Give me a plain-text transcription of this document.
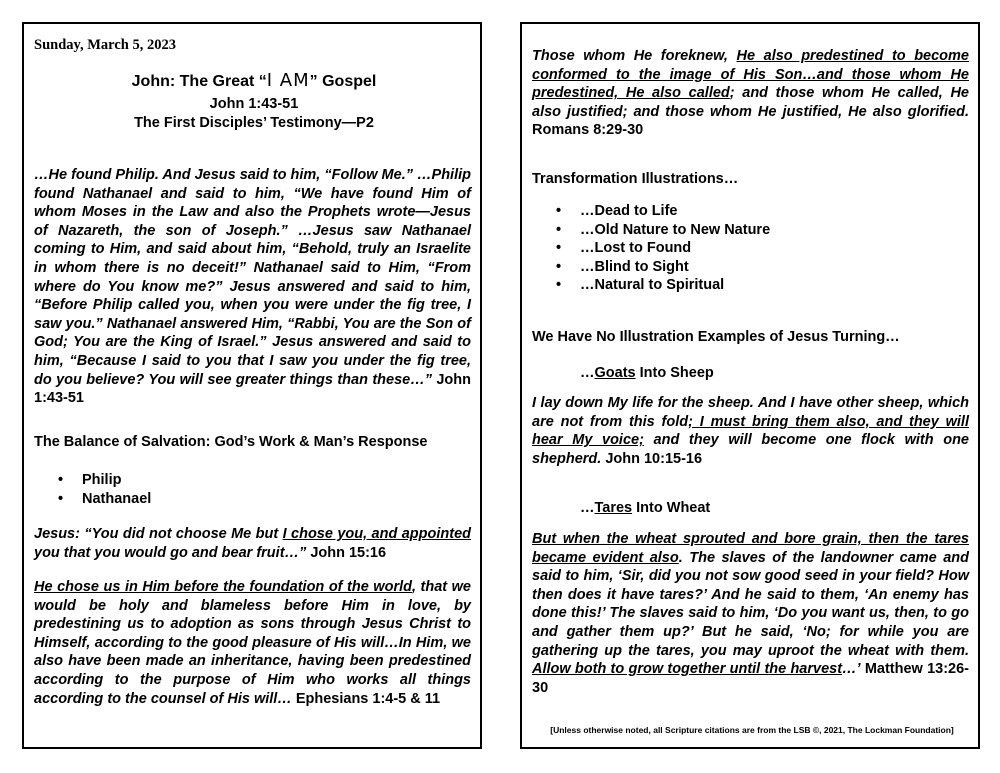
Sunday, March 5, 2023
John: The Great “I AM” Gospel
John 1:43-51
The First Disciples’ Testimony—P2
…He found Philip. And Jesus said to him, “Follow Me.” …Philip found Nathanael and said to him, “We have found Him of whom Moses in the Law and also the Prophets wrote—Jesus of Nazareth, the son of Joseph.” …Jesus saw Nathanael coming to Him, and said about him, “Behold, truly an Israelite in whom there is no deceit!” Nathanael said to Him, “From where do You know me?” Jesus answered and said to him, “Before Philip called you, when you were under the fig tree, I saw you.” Nathanael answered Him, “Rabbi, You are the Son of God; You are the King of Israel.” Jesus answered and said to him, “Because I said to you that I saw you under the fig tree, do you believe? You will see greater things than these…” John 1:43-51
The Balance of Salvation: God’s Work & Man’s Response
• Philip
• Nathanael
Jesus: “You did not choose Me but I chose you, and appointed you that you would go and bear fruit…” John 15:16
He chose us in Him before the foundation of the world, that we would be holy and blameless before Him in love, by predestining us to adoption as sons through Jesus Christ to Himself, according to the good pleasure of His will…In Him, we also have been made an inheritance, having been predestined according to the purpose of Him who works all things according to the counsel of His will… Ephesians 1:4-5 & 11
Those whom He foreknew, He also predestined to become conformed to the image of His Son…and those whom He predestined, He also called; and those whom He called, He also justified; and those whom He justified, He also glorified. Romans 8:29-30
Transformation Illustrations…
• …Dead to Life
• …Old Nature to New Nature
• …Lost to Found
• …Blind to Sight
• …Natural to Spiritual
We Have No Illustration Examples of Jesus Turning…
…Goats Into Sheep
I lay down My life for the sheep. And I have other sheep, which are not from this fold; I must bring them also, and they will hear My voice; and they will become one flock with one shepherd. John 10:15-16
…Tares Into Wheat
But when the wheat sprouted and bore grain, then the tares became evident also. The slaves of the landowner came and said to him, ‘Sir, did you not sow good seed in your field? How then does it have tares?’ And he said to them, ‘An enemy has done this!’ The slaves said to him, ‘Do you want us, then, to go and gather them up?’ But he said, ‘No; for while you are gathering up the tares, you may uproot the wheat with them. Allow both to grow together until the harvest…’ Matthew 13:26-30
[Unless otherwise noted, all Scripture citations are from the LSB ©, 2021, The Lockman Foundation]
